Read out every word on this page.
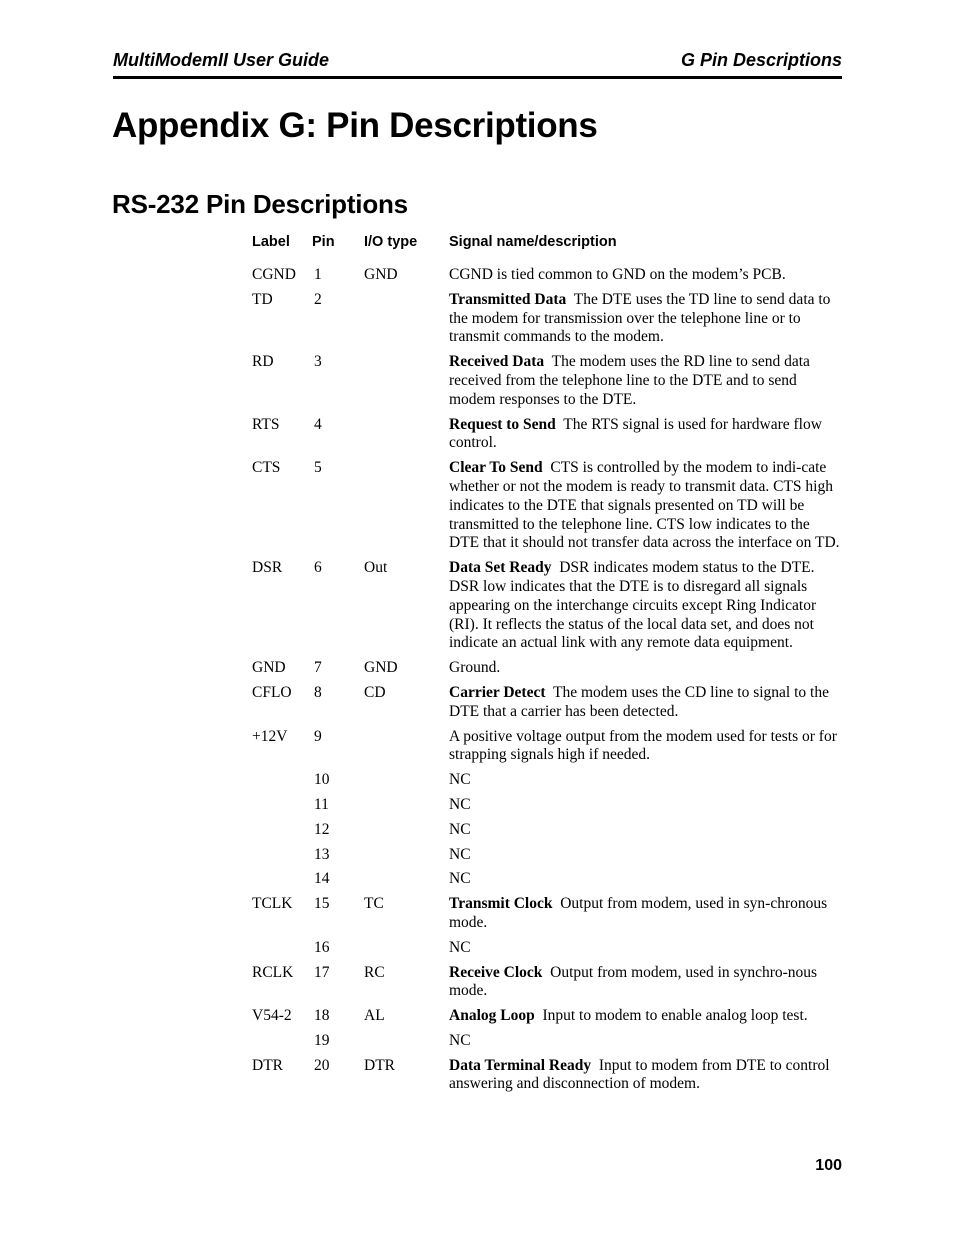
MultiModemII User Guide	G Pin Descriptions
Appendix G: Pin Descriptions
RS-232 Pin Descriptions
Label	Pin	I/O type	Signal name/description
CGND	1	GND	CGND is tied common to GND on the modem’s PCB.
TD	2		Transmitted Data The DTE uses the TD line to send data to the modem for transmission over the telephone line or to transmit commands to the modem.
RD	3		Received Data The modem uses the RD line to send data received from the telephone line to the DTE and to send modem responses to the DTE.
RTS	4		Request to Send The RTS signal is used for hardware flow control.
CTS	5		Clear To Send CTS is controlled by the modem to indi-cate whether or not the modem is ready to transmit data. CTS high indicates to the DTE that signals presented on TD will be transmitted to the telephone line. CTS low indicates to the DTE that it should not transfer data across the interface on TD.
DSR	6	Out	Data Set Ready DSR indicates modem status to the DTE. DSR low indicates that the DTE is to disregard all signals appearing on the interchange circuits except Ring Indicator (RI). It reflects the status of the local data set, and does not indicate an actual link with any remote data equipment.
GND	7	GND	Ground.
CFLO	8	CD	Carrier Detect The modem uses the CD line to signal to the DTE that a carrier has been detected.
+12V	9		A positive voltage output from the modem used for tests or for strapping signals high if needed.
	10		NC
	11		NC
	12		NC
	13		NC
	14		NC
TCLK	15	TC	Transmit Clock Output from modem, used in syn-chronous mode.
	16		NC
RCLK	17	RC	Receive Clock Output from modem, used in synchro-nous mode.
V54-2	18	AL	Analog Loop Input to modem to enable analog loop test.
	19		NC
DTR	20	DTR	Data Terminal Ready Input to modem from DTE to control answering and disconnection of modem.
100
